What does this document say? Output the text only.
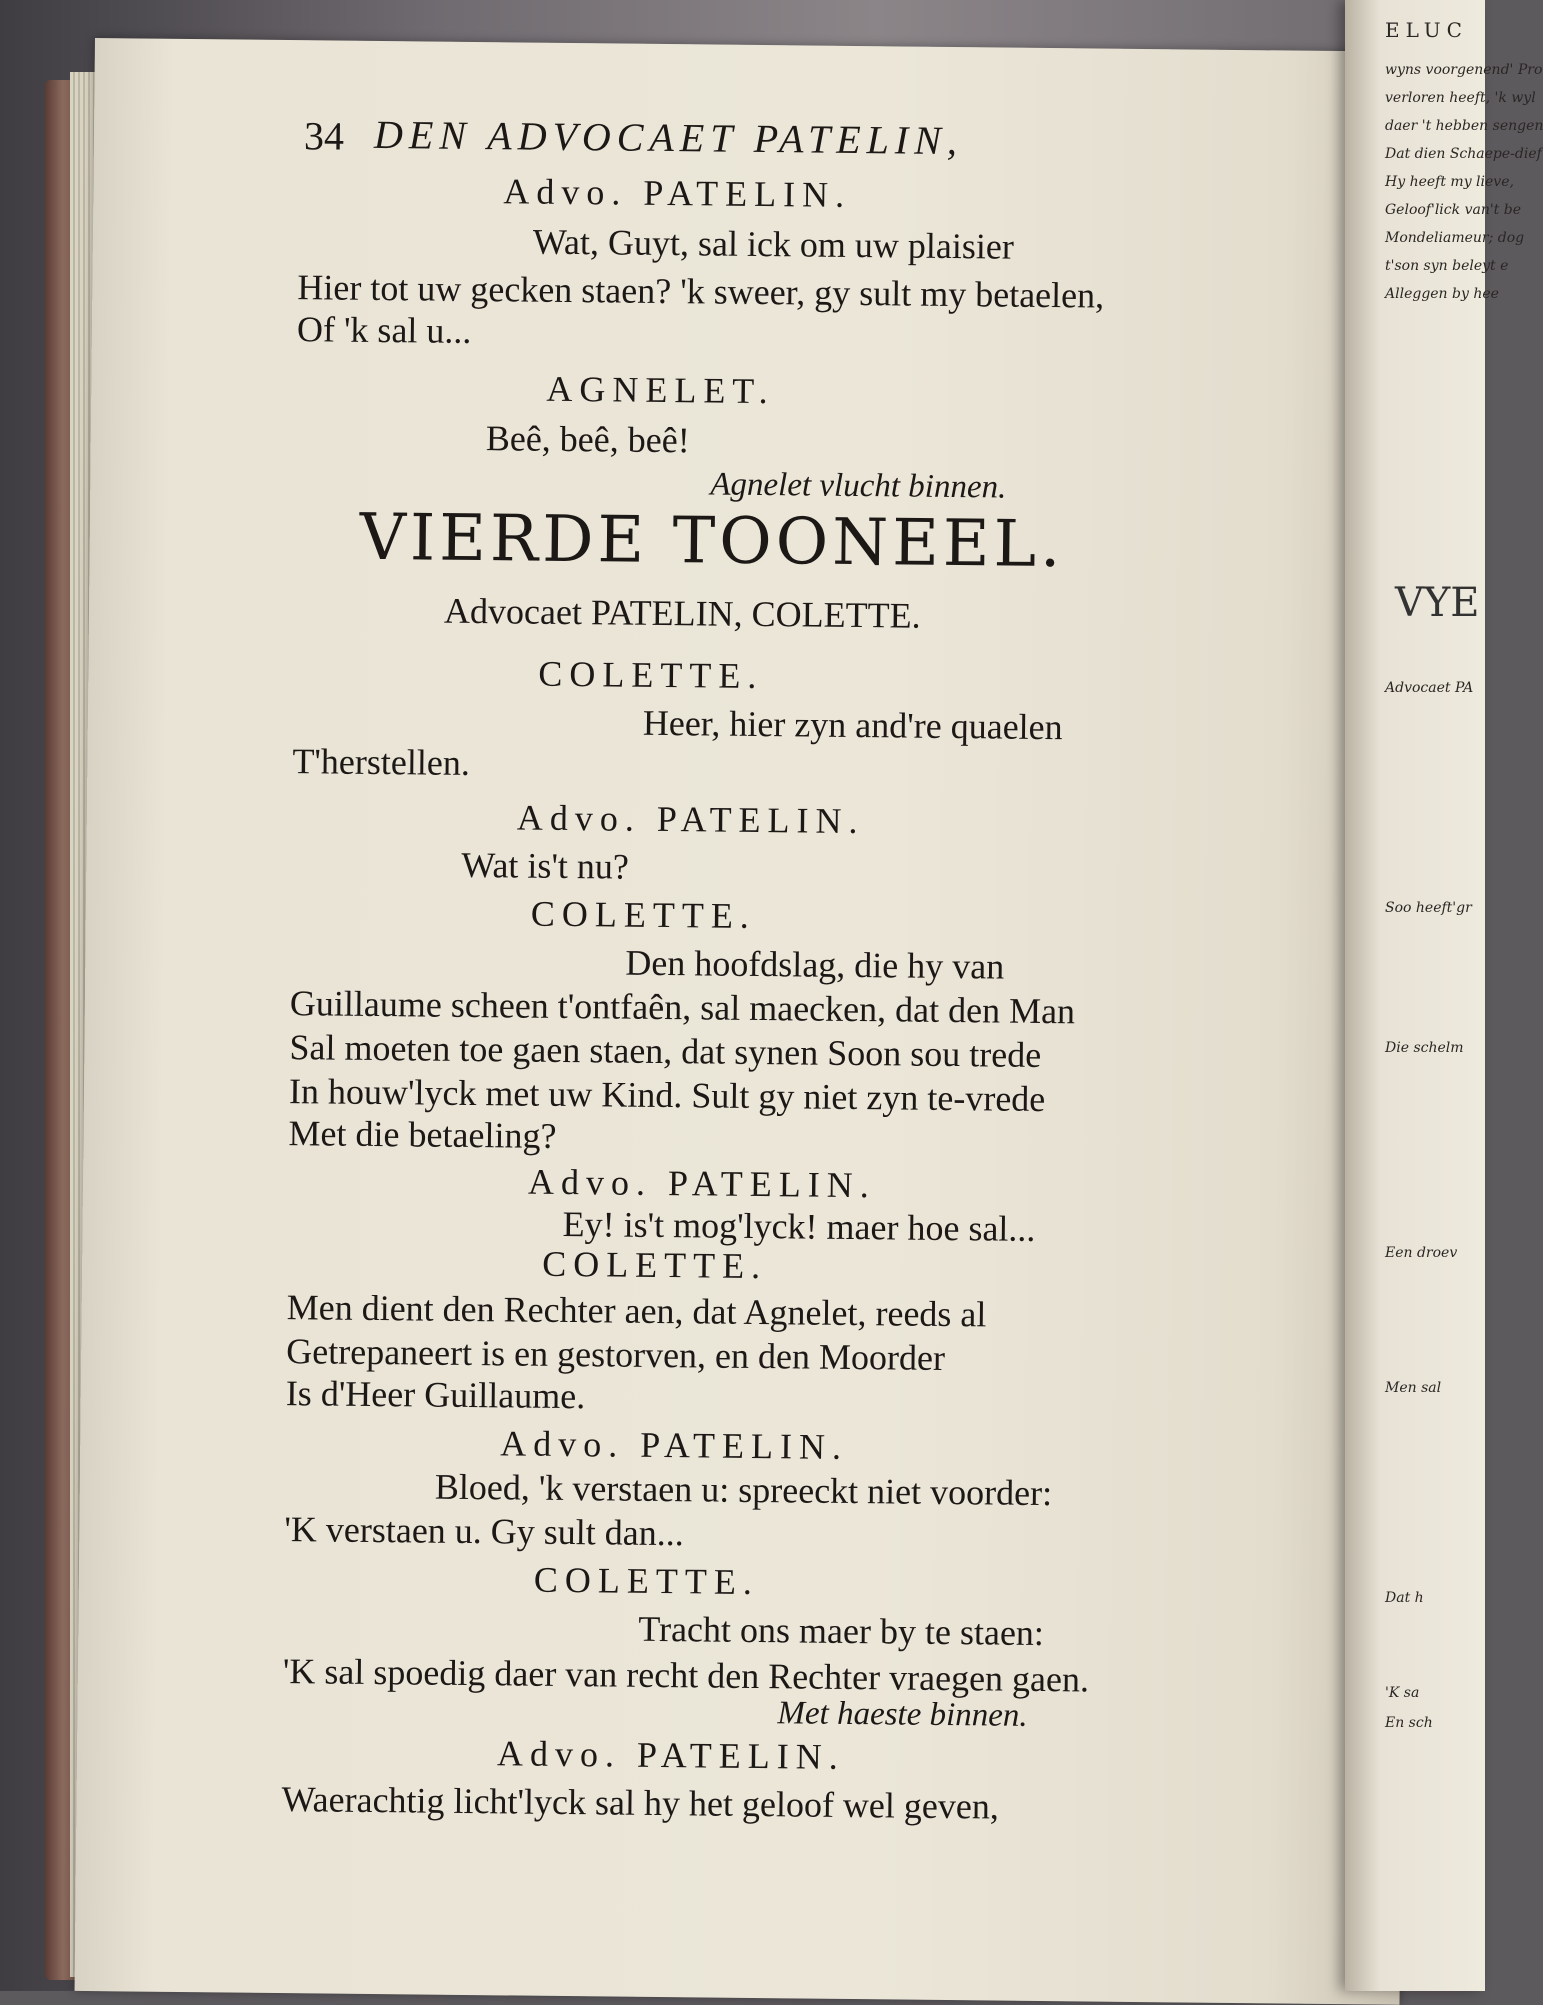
34 DEN ADVOCAET PATELIN,
Advo. PATELIN.
Wat, Guyt, sal ick om uw plaisier
Hier tot uw gecken staen? 'k sweer, gy sult my betaelen,
Of 'k sal u...
AGNELET.
Beê, beê, beê!
Agnelet vlucht binnen.
VIERDE TOONEEL.
Advocaet PATELIN, COLETTE.
COLETTE.
Heer, hier zyn and're quaelen
T'herstellen.
Advo. PATELIN.
Wat is't nu?
COLETTE.
Den hoofdslag, die hy van
Guillaume scheen t'ontfaên, sal maecken, dat den Man
Sal moeten toe gaen staen, dat synen Soon sou trede
In houw'lyck met uw Kind. Sult gy niet zyn te-vrede
Met die betaeling?
Advo. PATELIN.
Ey! is't mog'lyck! maer hoe sal...
COLETTE.
Men dient den Rechter aen, dat Agnelet, reeds al
Getrepaneert is en gestorven, en den Moorder
Is d'Heer Guillaume.
Advo. PATELIN.
Bloed, 'k verstaen u: spreeckt niet voorder:
'K verstaen u. Gy sult dan...
COLETTE.
Tracht ons maer by te staen:
'K sal spoedig daer van recht den Rechter vraegen gaen.
Met haeste binnen.
Advo. PATELIN.
Waerachtig licht'lyck sal hy het geloof wel geven,
ELUC
wyns voorgenend' Pro
verloren heeft, 'k wyl
daer 't hebben sengen
Dat dien Schaepe-dief
Hy heeft my lieve,
Geloof'lick van't be
Mondeliameur; dog
t'son syn beleyt e
Alleggen by hee
VYE
Advocaet PA
Soo heeft'gr
Die schelm
Een droev
Men sal
Dat h
'K sa
En sch
